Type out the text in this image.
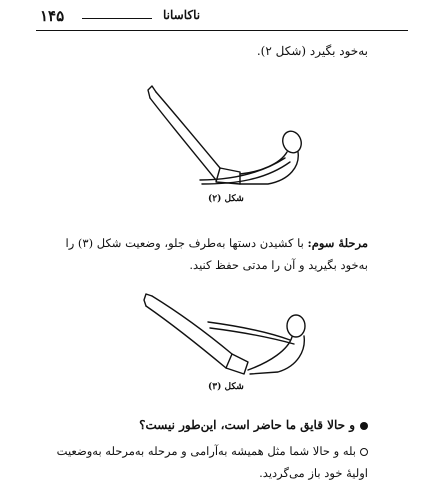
۱۴۵	ناکاسانا
به‌خود بگیرد (شکل ۲).
شکل (۲)
مرحلهٔ سوم: با کشیدن دستها به‌طرف جلو، وضعیت شکل (۳) را به‌خود بگیرید و آن را مدتی حفظ کنید.
شکل (۳)
و حالا قایق ما حاضر است، این‌طور نیست؟
بله و حالا شما مثل همیشه به‌آرامی و مرحله به‌مرحله به‌وضعیت اولیهٔ خود باز می‌گردید.
